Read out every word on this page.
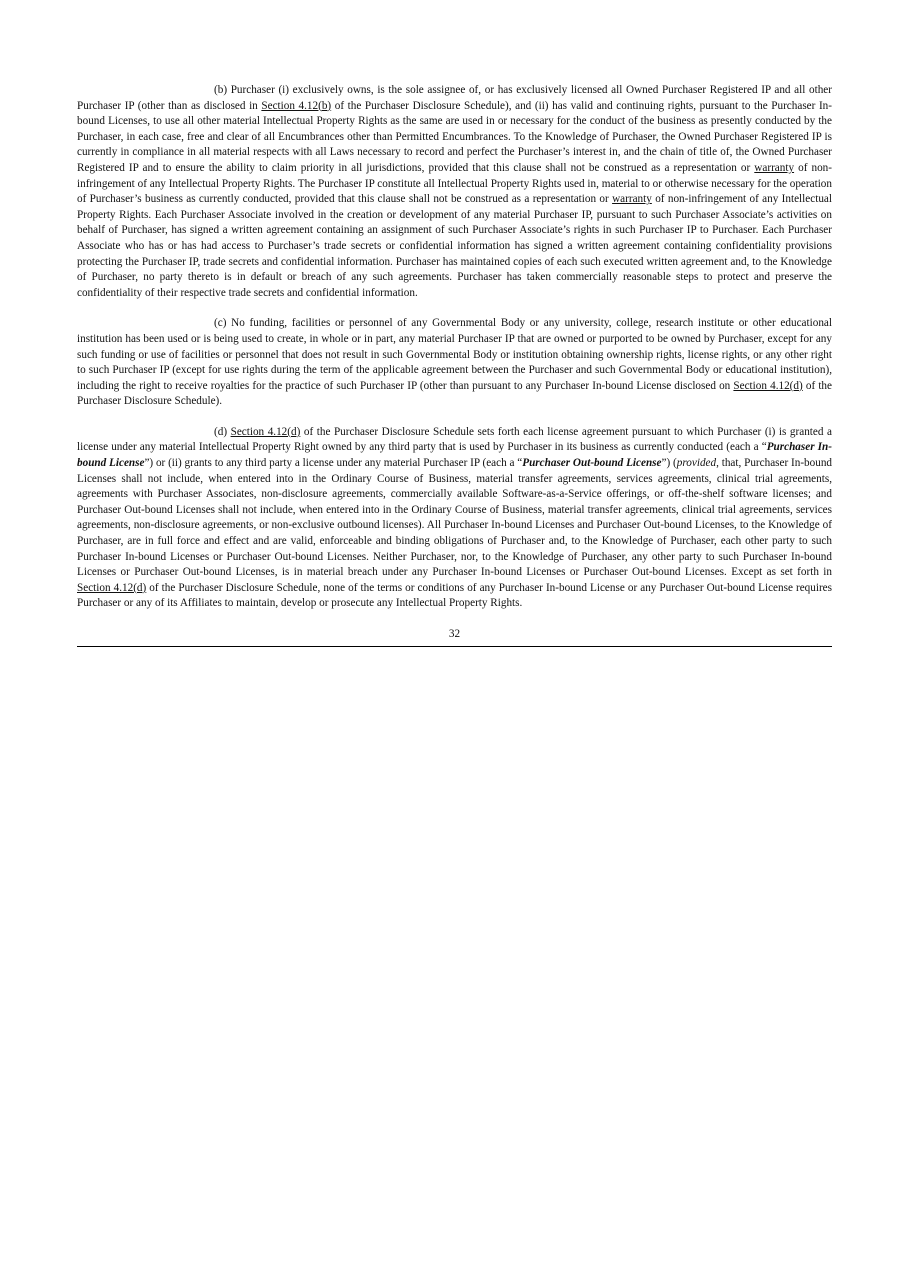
(b) Purchaser (i) exclusively owns, is the sole assignee of, or has exclusively licensed all Owned Purchaser Registered IP and all other Purchaser IP (other than as disclosed in Section 4.12(b) of the Purchaser Disclosure Schedule), and (ii) has valid and continuing rights, pursuant to the Purchaser In-bound Licenses, to use all other material Intellectual Property Rights as the same are used in or necessary for the conduct of the business as presently conducted by the Purchaser, in each case, free and clear of all Encumbrances other than Permitted Encumbrances. To the Knowledge of Purchaser, the Owned Purchaser Registered IP is currently in compliance in all material respects with all Laws necessary to record and perfect the Purchaser’s interest in, and the chain of title of, the Owned Purchaser Registered IP and to ensure the ability to claim priority in all jurisdictions, provided that this clause shall not be construed as a representation or warranty of non-infringement of any Intellectual Property Rights. The Purchaser IP constitute all Intellectual Property Rights used in, material to or otherwise necessary for the operation of Purchaser’s business as currently conducted, provided that this clause shall not be construed as a representation or warranty of non-infringement of any Intellectual Property Rights. Each Purchaser Associate involved in the creation or development of any material Purchaser IP, pursuant to such Purchaser Associate’s activities on behalf of Purchaser, has signed a written agreement containing an assignment of such Purchaser Associate’s rights in such Purchaser IP to Purchaser. Each Purchaser Associate who has or has had access to Purchaser’s trade secrets or confidential information has signed a written agreement containing confidentiality provisions protecting the Purchaser IP, trade secrets and confidential information. Purchaser has maintained copies of each such executed written agreement and, to the Knowledge of Purchaser, no party thereto is in default or breach of any such agreements. Purchaser has taken commercially reasonable steps to protect and preserve the confidentiality of their respective trade secrets and confidential information.

(c) No funding, facilities or personnel of any Governmental Body or any university, college, research institute or other educational institution has been used or is being used to create, in whole or in part, any material Purchaser IP that are owned or purported to be owned by Purchaser, except for any such funding or use of facilities or personnel that does not result in such Governmental Body or institution obtaining ownership rights, license rights, or any other right to such Purchaser IP (except for use rights during the term of the applicable agreement between the Purchaser and such Governmental Body or educational institution), including the right to receive royalties for the practice of such Purchaser IP (other than pursuant to any Purchaser In-bound License disclosed on Section 4.12(d) of the Purchaser Disclosure Schedule).

(d) Section 4.12(d) of the Purchaser Disclosure Schedule sets forth each license agreement pursuant to which Purchaser (i) is granted a license under any material Intellectual Property Right owned by any third party that is used by Purchaser in its business as currently conducted (each a “Purchaser In-bound License”) or (ii) grants to any third party a license under any material Purchaser IP (each a “Purchaser Out-bound License”) (provided, that, Purchaser In-bound Licenses shall not include, when entered into in the Ordinary Course of Business, material transfer agreements, services agreements, clinical trial agreements, agreements with Purchaser Associates, non-disclosure agreements, commercially available Software-as-a-Service offerings, or off-the-shelf software licenses; and Purchaser Out-bound Licenses shall not include, when entered into in the Ordinary Course of Business, material transfer agreements, clinical trial agreements, services agreements, non-disclosure agreements, or non-exclusive outbound licenses). All Purchaser In-bound Licenses and Purchaser Out-bound Licenses, to the Knowledge of Purchaser, are in full force and effect and are valid, enforceable and binding obligations of Purchaser and, to the Knowledge of Purchaser, each other party to such Purchaser In-bound Licenses or Purchaser Out-bound Licenses. Neither Purchaser, nor, to the Knowledge of Purchaser, any other party to such Purchaser In-bound Licenses or Purchaser Out-bound Licenses, is in material breach under any Purchaser In-bound Licenses or Purchaser Out-bound Licenses. Except as set forth in Section 4.12(d) of the Purchaser Disclosure Schedule, none of the terms or conditions of any Purchaser In-bound License or any Purchaser Out-bound License requires Purchaser or any of its Affiliates to maintain, develop or prosecute any Intellectual Property Rights.

32
